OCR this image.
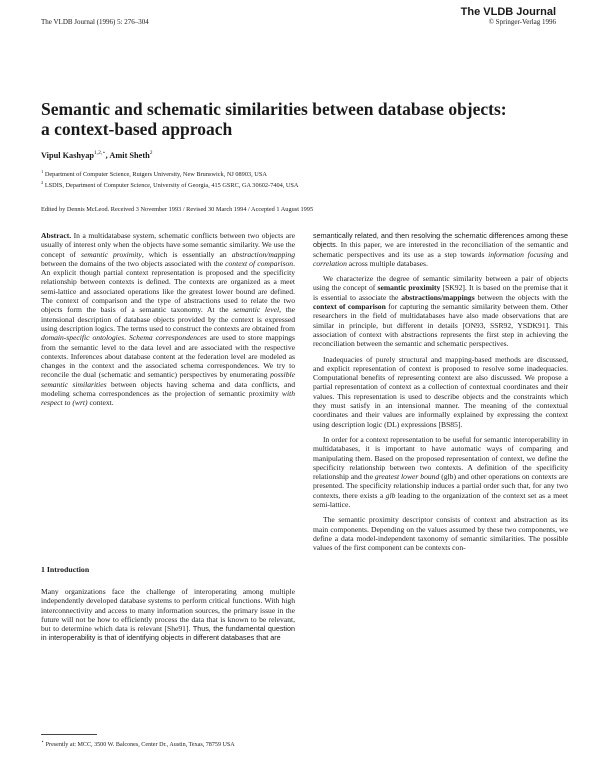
The VLDB Journal (1996) 5: 276–304
The VLDB Journal
© Springer-Verlag 1996
Semantic and schematic similarities between database objects:
a context-based approach
Vipul Kashyap$^{1,2,⋆}$, Amit Sheth$^2$
$^1$ Department of Computer Science, Rutgers University, New Brunswick, NJ 08903, USA
$^2$ LSDIS, Department of Computer Science, University of Georgia, 415 GSRC, GA 30602-7404, USA
Edited by Dennis McLeod. Received 3 November 1993 / Revised 30 March 1994 / Accepted 1 August 1995

Abstract. In a multidatabase system, schematic conflicts between two objects are usually of interest only when the objects have some semantic similarity. We use the concept of semantic proximity, which is essentially an abstraction/mapping between the domains of the two objects associated with the context of comparison. An explicit though partial context representation is proposed and the specificity relationship between contexts is defined. The contexts are organized as a meet semi-lattice and associated operations like the greatest lower bound are defined. The context of comparison and the type of abstractions used to relate the two objects form the basis of a semantic taxonomy. At the semantic level, the intensional description of database objects provided by the context is expressed using description logics. The terms used to construct the contexts are obtained from domain-specific ontologies. Schema correspondences are used to store mappings from the semantic level to the data level and are associated with the respective contexts. Inferences about database content at the federation level are modeled as changes in the context and the associated schema correspondences. We try to reconcile the dual (schematic and semantic) perspectives by enumerating possible semantic similarities between objects having schema and data conflicts, and modeling schema correspondences as the projection of semantic proximity with respect to (wrt) context.

1 Introduction

Many organizations face the challenge of interoperating among multiple independently developed database systems to perform critical functions. With high interconnectivity and access to many information sources, the primary issue in the future will not be how to efficiently process the data that is known to be relevant, but to determine which data is relevant [She91]. Thus, the fundamental question in interoperability is that of identifying objects in different databases that are

⋆ Presently at: MCC, 3500 W. Balcones, Center Dr., Austin, Texas, 78759 USA

semantically related, and then resolving the schematic differences among these objects. In this paper, we are interested in the reconciliation of the semantic and schematic perspectives and its use as a step towards information focusing and correlation across multiple databases.

We characterize the degree of semantic similarity between a pair of objects using the concept of semantic proximity [SK92]. It is based on the premise that it is essential to associate the abstractions/mappings between the objects with the context of comparison for capturing the semantic similarity between them. Other researchers in the field of multidatabases have also made observations that are similar in principle, but different in details [ON93, SSR92, YSDK91]. This association of context with abstractions represents the first step in achieving the reconciliation between the semantic and schematic perspectives.

Inadequacies of purely structural and mapping-based methods are discussed, and explicit representation of context is proposed to resolve some inadequacies. Computational benefits of representing context are also discussed. We propose a partial representation of context as a collection of contextual coordinates and their values. This representation is used to describe objects and the constraints which they must satisfy in an intensional manner. The meaning of the contextual coordinates and their values are informally explained by expressing the context using description logic (DL) expressions [BS85].

In order for a context representation to be useful for semantic interoperability in multidatabases, it is important to have automatic ways of comparing and manipulating them. Based on the proposed representation of context, we define the specificity relationship between two contexts. A definition of the specificity relationship and the greatest lower bound (glb) and other operations on contexts are presented. The specificity relationship induces a partial order such that, for any two contexts, there exists a glb leading to the organization of the context set as a meet semi-lattice.

The semantic proximity descriptor consists of context and abstraction as its main components. Depending on the values assumed by these two components, we define a data model-independent taxonomy of semantic similarities. The possible values of the first component can be contexts con-
